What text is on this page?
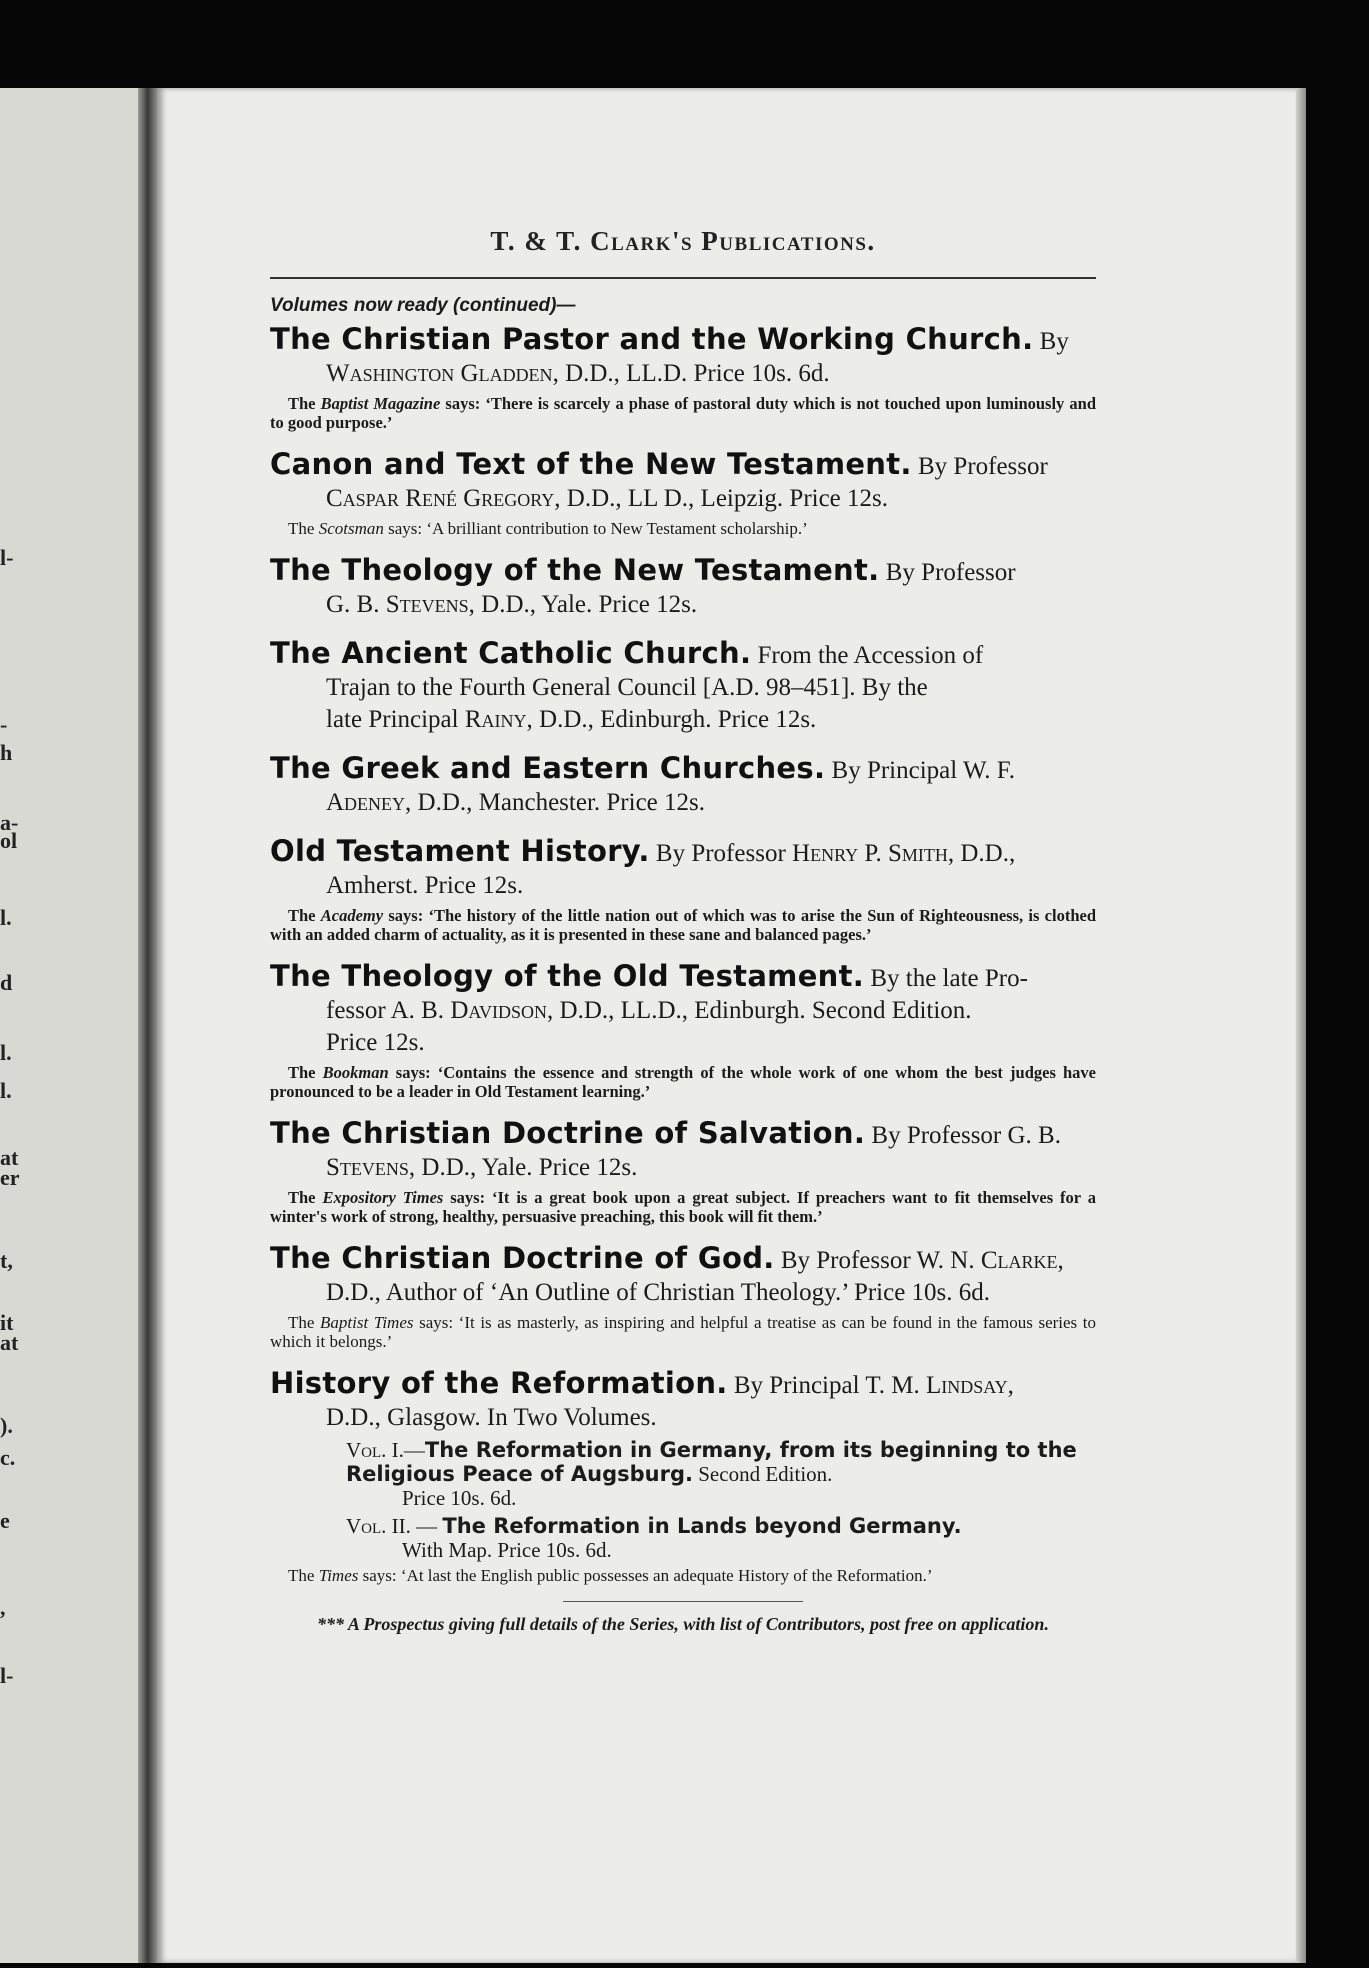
l-
-
h
a-
ol
l.
d
l.
l.
at
er
t,
it
at
).
c.
e
,
l-
T. & T. Clark's Publications.
Volumes now ready (continued)—
The Christian Pastor and the Working Church. By
Washington Gladden, D.D., LL.D. Price 10s. 6d.
The Baptist Magazine says: ‘There is scarcely a phase of pastoral duty which is not touched upon luminously and to good purpose.’
Canon and Text of the New Testament. By Professor
Caspar René Gregory, D.D., LL D., Leipzig. Price 12s.
The Scotsman says: ‘A brilliant contribution to New Testament scholarship.’
The Theology of the New Testament. By Professor
G. B. Stevens, D.D., Yale. Price 12s.
The Ancient Catholic Church. From the Accession of
Trajan to the Fourth General Council [A.D. 98–451]. By the
late Principal Rainy, D.D., Edinburgh. Price 12s.
The Greek and Eastern Churches. By Principal W. F.
Adeney, D.D., Manchester. Price 12s.
Old Testament History. By Professor Henry P. Smith, D.D.,
Amherst. Price 12s.
The Academy says: ‘The history of the little nation out of which was to arise the Sun of Righteousness, is clothed with an added charm of actuality, as it is presented in these sane and balanced pages.’
The Theology of the Old Testament. By the late Pro-
fessor A. B. Davidson, D.D., LL.D., Edinburgh. Second Edition.
Price 12s.
The Bookman says: ‘Contains the essence and strength of the whole work of one whom the best judges have pronounced to be a leader in Old Testament learning.’
The Christian Doctrine of Salvation. By Professor G. B.
Stevens, D.D., Yale. Price 12s.
The Expository Times says: ‘It is a great book upon a great subject. If preachers want to fit themselves for a winter's work of strong, healthy, persuasive preaching, this book will fit them.’
The Christian Doctrine of God. By Professor W. N. Clarke,
D.D., Author of ‘An Outline of Christian Theology.’ Price 10s. 6d.
The Baptist Times says: ‘It is as masterly, as inspiring and helpful a treatise as can be found in the famous series to which it belongs.’
History of the Reformation. By Principal T. M. Lindsay,
D.D., Glasgow. In Two Volumes.
Vol. I.—The Reformation in Germany, from its beginning to the Religious Peace of Augsburg. Second Edition.
Price 10s. 6d.
Vol. II. — The Reformation in Lands beyond Germany.
With Map. Price 10s. 6d.
The Times says: ‘At last the English public possesses an adequate History of the Reformation.’
*** A Prospectus giving full details of the Series, with list of Contributors, post free on application.
